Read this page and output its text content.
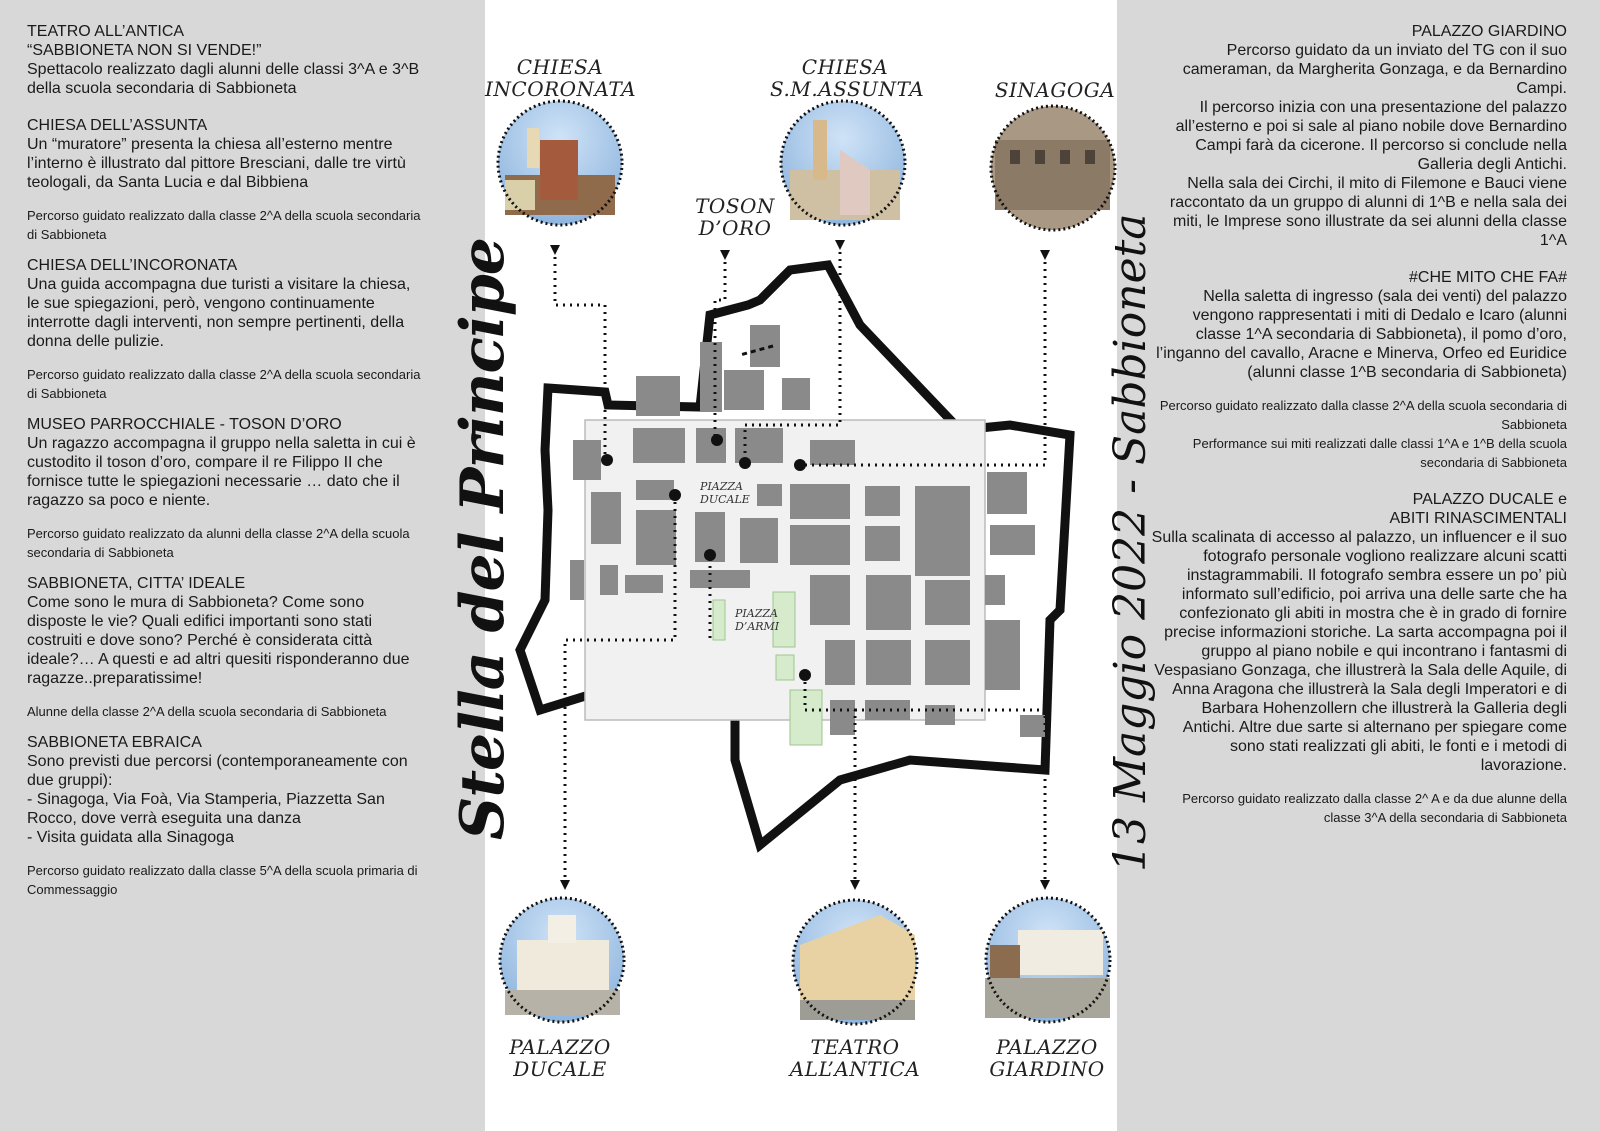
TEATRO ALL’ANTICA
“SABBIONETA NON SI VENDE!”
Spettacolo realizzato dagli alunni delle classi 3^A e 3^B della scuola secondaria di Sabbioneta
CHIESA DELL’ASSUNTA
Un “muratore” presenta la chiesa all’esterno mentre l’interno è illustrato dal pittore Bresciani, dalle tre virtù teologali, da Santa Lucia e dal Bibbiena
Percorso guidato realizzato dalla classe 2^A della scuola secondaria di Sabbioneta
CHIESA DELL’INCORONATA
Una guida accompagna due turisti a visitare la chiesa, le sue spiegazioni, però, vengono continuamente interrotte dagli interventi, non sempre pertinenti, della donna delle pulizie.
Percorso guidato realizzato dalla classe 2^A della scuola secondaria di Sabbioneta
MUSEO PARROCCHIALE - TOSON D’ORO
Un ragazzo accompagna il gruppo nella saletta in cui è custodito il toson d’oro, compare il re Filippo II che fornisce tutte le spiegazioni necessarie … dato che il ragazzo sa poco e niente.
Percorso guidato realizzato da alunni della classe 2^A della scuola secondaria di Sabbioneta
SABBIONETA, CITTA’ IDEALE
Come sono le mura di Sabbioneta? Come sono disposte le vie? Quali edifici importanti sono stati costruiti e dove sono? Perché è considerata città ideale?… A questi e ad altri quesiti risponderanno due ragazze..preparatissime!
Alunne della classe 2^A della scuola secondaria di Sabbioneta
SABBIONETA EBRAICA
Sono previsti due percorsi (contemporaneamente con due gruppi):
- Sinagoga, Via Foà, Via Stamperia, Piazzetta San Rocco, dove verrà eseguita una danza
- Visita guidata alla Sinagoga
Percorso guidato realizzato dalla classe 5^A della scuola primaria di Commessaggio
PALAZZO GIARDINO
Percorso guidato da un inviato del TG con il suo cameraman, da Margherita Gonzaga, e da Bernardino Campi.
Il percorso inizia con una presentazione del palazzo all’esterno e poi si sale al piano nobile dove Bernardino Campi farà da cicerone. Il percorso si conclude nella Galleria degli Antichi.
Nella sala dei Circhi, il mito di Filemone e Bauci viene raccontato da un gruppo di alunni di 1^B e nella sala dei miti, le Imprese sono illustrate da sei alunni della classe 1^A
#CHE MITO CHE FA#
Nella saletta di ingresso (sala dei venti) del palazzo vengono rappresentati i miti di Dedalo e Icaro (alunni classe 1^A secondaria di Sabbioneta), il pomo d’oro, l’inganno del cavallo, Aracne e Minerva, Orfeo ed Euridice (alunni classe 1^B secondaria di Sabbioneta)
Percorso guidato realizzato dalla classe 2^A della scuola secondaria di Sabbioneta
Performance sui miti realizzati dalle classi 1^A e 1^B della scuola secondaria di Sabbioneta
PALAZZO DUCALE e
ABITI RINASCIMENTALI
Sulla scalinata di accesso al palazzo, un influencer e il suo fotografo personale vogliono realizzare alcuni scatti instagrammabili. Il fotografo sembra essere un po’ più informato sull’edificio, poi arriva una delle sarte che ha confezionato gli abiti in mostra che è in grado di fornire precise informazioni storiche. La sarta accompagna poi il gruppo al piano nobile e qui incontrano i fantasmi di Vespasiano Gonzaga, che illustrerà la Sala delle Aquile, di Anna Aragona che illustrerà la Sala degli Imperatori e di Barbara Hohenzollern che illustrerà la Galleria degli Antichi. Altre due sarte si alternano per spiegare come sono stati realizzati gli abiti, le fonti e i metodi di lavorazione.
Percorso guidato realizzato dalla classe 2^ A e da due alunne della classe 3^A della secondaria di Sabbioneta
Stella del Principe	13 Maggio 2022 - Sabbioneta
PIAZZA DUCALE
PIAZZA D’ARMI
CHIESA
INCORONATA
CHIESA
S.M.ASSUNTA	SINAGOGA
TOSON
D’ORO
PALAZZO
DUCALE
TEATRO
ALL’ANTICA
PALAZZO
GIARDINO
